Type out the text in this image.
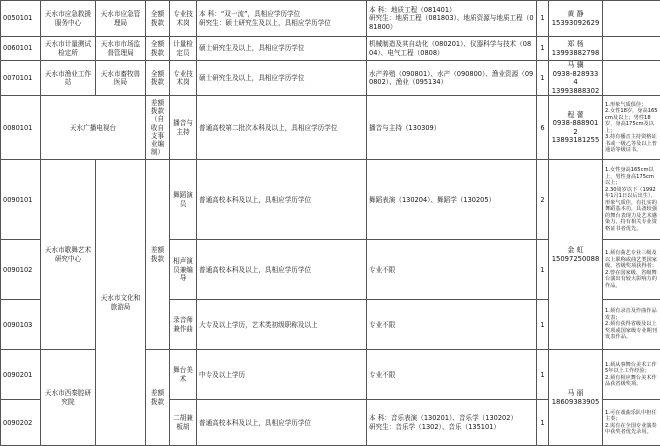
0050101	天水市应急救援服务中心	天水市应急管理局	全额拨款	专业技术岗	本 科：“双一流”，具相应学历学位
研究生：硕士研究生及以上，具相应学历学位	本 科：地质工程（081401）
研究生：地质工程（081803）、地质资源与地质工程（081800）	1	黄 静
15393092629	

0060101	天水市计量测试检定所	天水市市场监督管理局	全额拨款	计量检定员	硕士研究生及以上，具相应学历学位	机械制造及其自动化（080201）、仪器科学与技术（0804）、电气工程（0808）	1	郑 杨
13993882798	

0070101	天水市渔业工作站	天水市畜牧兽医局	全额拨款	专业技术岗	硕士研究生及以上，具相应学历学位	水产养殖（090801）、水产（090800）、渔业资源（090802）、渔业（095134）	1	马 骥
0938-8289334
13993888302	

0080101	天水广播电视台		差额拨款（自收自支事业编制）	播音与主持	普通高校第二批次本科及以上，具相应学历学位	播音与主持（130309）	6	程 蕾
0938-8889012
13893181255	1.形象气质俱佳；
2.女性18岁，身高165cm及以上；男性18岁，身高175cm及以上；
3.持有播音主持资格证书或一级乙等及以上普通话等级证书。
0090101	天水市歌舞艺术研究中心	天水市文化和旅游局	差额拨款	舞蹈演员	普通高校本科及以上，具相应学历学位	舞蹈表演（130204）、舞蹈学（130205）	2	金 虹
15097250088	1.女性身高165cm以上，男性身高175cm以上；
2.30周岁以下（1992年1月1日以后出生），形象气质佳，有扎实的舞蹈基本功，具备较强的舞台表现力及艺术感染力，持有相关专业资格证书者优先。
0090102				相声演员兼编导	普通高校本科及以上，具相应学历学位	专业不限	1		1.须有曲艺专业三级及以上职称或曲艺类国家级、省级奖项获得者；
2.曾在国家级、省级舞台演出有较大影响力的作品。
0090103				录音师兼作曲	大专及以上学历，艺术类初级职称及以上	专业不限	1		1.须有录音及作曲作品发表；
2.须有获得省级及以上奖项或国家级专业期刊发表作品。
0090201	天水市西秦腔研究院		差额拨款	舞台美术	中专及以上学历	专业不限	1	马 丽
18609383905	1.须从事舞台美术工作5年以上工作经验；
2.须有相应舞台美术作品获省级奖项。
0090202				二胡兼板胡	普通高校本科及以上，具相应学历学位	本 科：音乐表演（130201）、音乐学（130202）
研究生：音乐学（1302）、音乐（135101）	1		1.可在戏曲乐队中担任主奏；
2.需有在全国专业演奏中获奖者优先录用。
